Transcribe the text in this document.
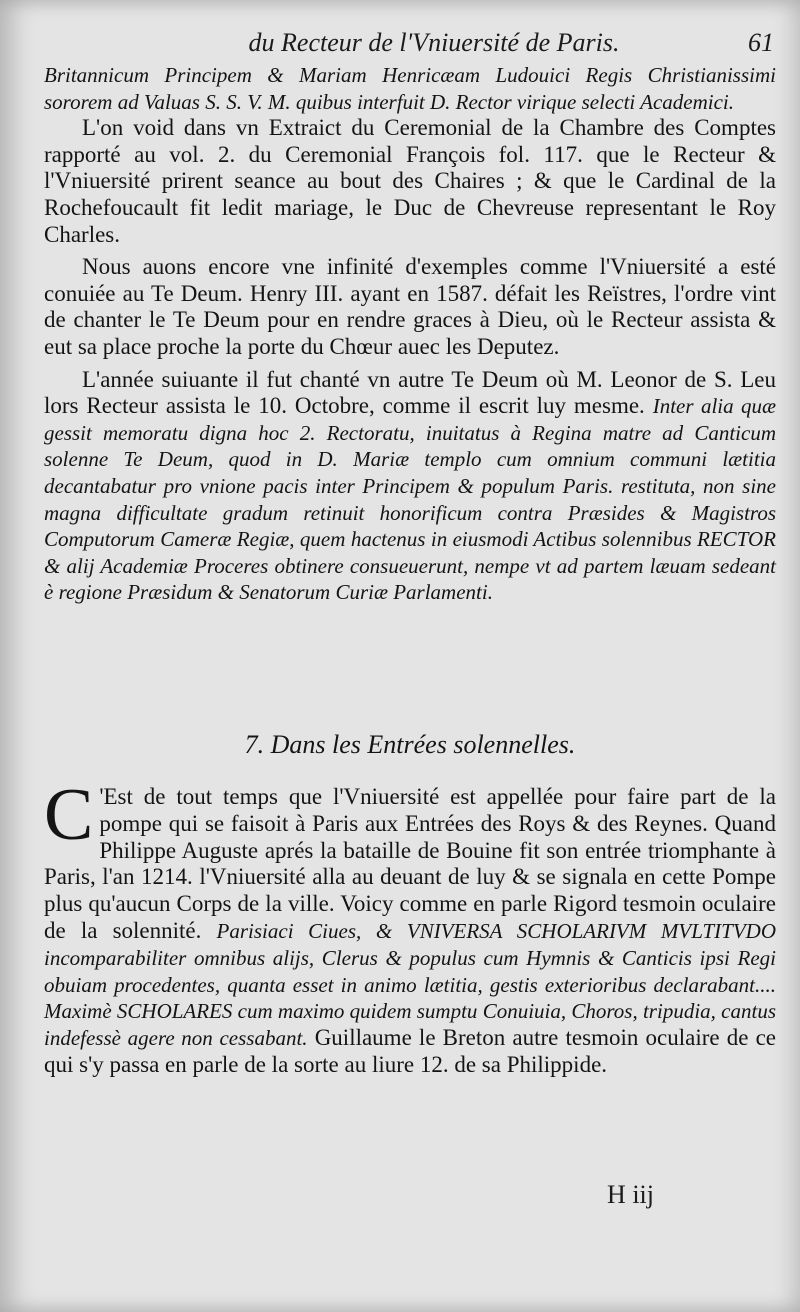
du Recteur de l'Vniuersité de Paris.	61

Britannicum Principem & Mariam Henricæam Ludouici Regis Christianissimi sororem ad Valuas S. S. V. M. quibus interfuit D. Rector virique selecti Academici.

L'on void dans vn Extraict du Ceremonial de la Chambre des Comptes rapporté au vol. 2. du Ceremonial François fol. 117. que le Recteur & l'Vniuersité prirent seance au bout des Chaires ; & que le Cardinal de la Rochefoucault fit ledit mariage, le Duc de Chevreuse representant le Roy Charles.

Nous auons encore vne infinité d'exemples comme l'Vniuersité a esté conuiée au Te Deum. Henry III. ayant en 1587. défait les Reïstres, l'ordre vint de chanter le Te Deum pour en rendre graces à Dieu, où le Recteur assista & eut sa place proche la porte du Chœur auec les Deputez.

L'année suiuante il fut chanté vn autre Te Deum où M. Leonor de S. Leu lors Recteur assista le 10. Octobre, comme il escrit luy mesme. Inter alia quæ gessit memoratu digna hoc 2. Rectoratu, inuitatus à Regina matre ad Canticum solenne Te Deum, quod in D. Mariæ templo cum omnium communi lætitia decantabatur pro vnione pacis inter Principem & populum Paris. restituta, non sine magna difficultate gradum retinuit honorificum contra Præsides & Magistros Computorum Cameræ Regiæ, quem hactenus in eiusmodi Actibus solennibus RECTOR & alij Academiæ Proceres obtinere consueuerunt, nempe vt ad partem læuam sedeant è regione Præsidum & Senatorum Curiæ Parlamenti.

7. Dans les Entrées solennelles.
C 'Est de tout temps que l'Vniuersité est appellée pour faire part de la pompe qui se faisoit à Paris aux Entrées des Roys & des Reynes. Quand Philippe Auguste aprés la bataille de Bouine fit son entrée triomphante à Paris, l'an 1214. l'Vniuersité alla au deuant de luy & se signala en cette Pompe plus qu'aucun Corps de la ville. Voicy comme en parle Rigord tesmoin oculaire de la solennité. Parisiaci Ciues, & VNIVERSA SCHOLARIVM MVLTITVDO incomparabiliter omnibus alijs, Clerus & populus cum Hymnis & Canticis ipsi Regi obuiam procedentes, quanta esset in animo lætitia, gestis exterioribus declarabant.... Maximè SCHOLARES cum maximo quidem sumptu Conuiuia, Choros, tripudia, cantus indefessè agere non cessabant. Guillaume le Breton autre tesmoin oculaire de ce qui s'y passa en parle de la sorte au liure 12. de sa Philippide.
H iij
